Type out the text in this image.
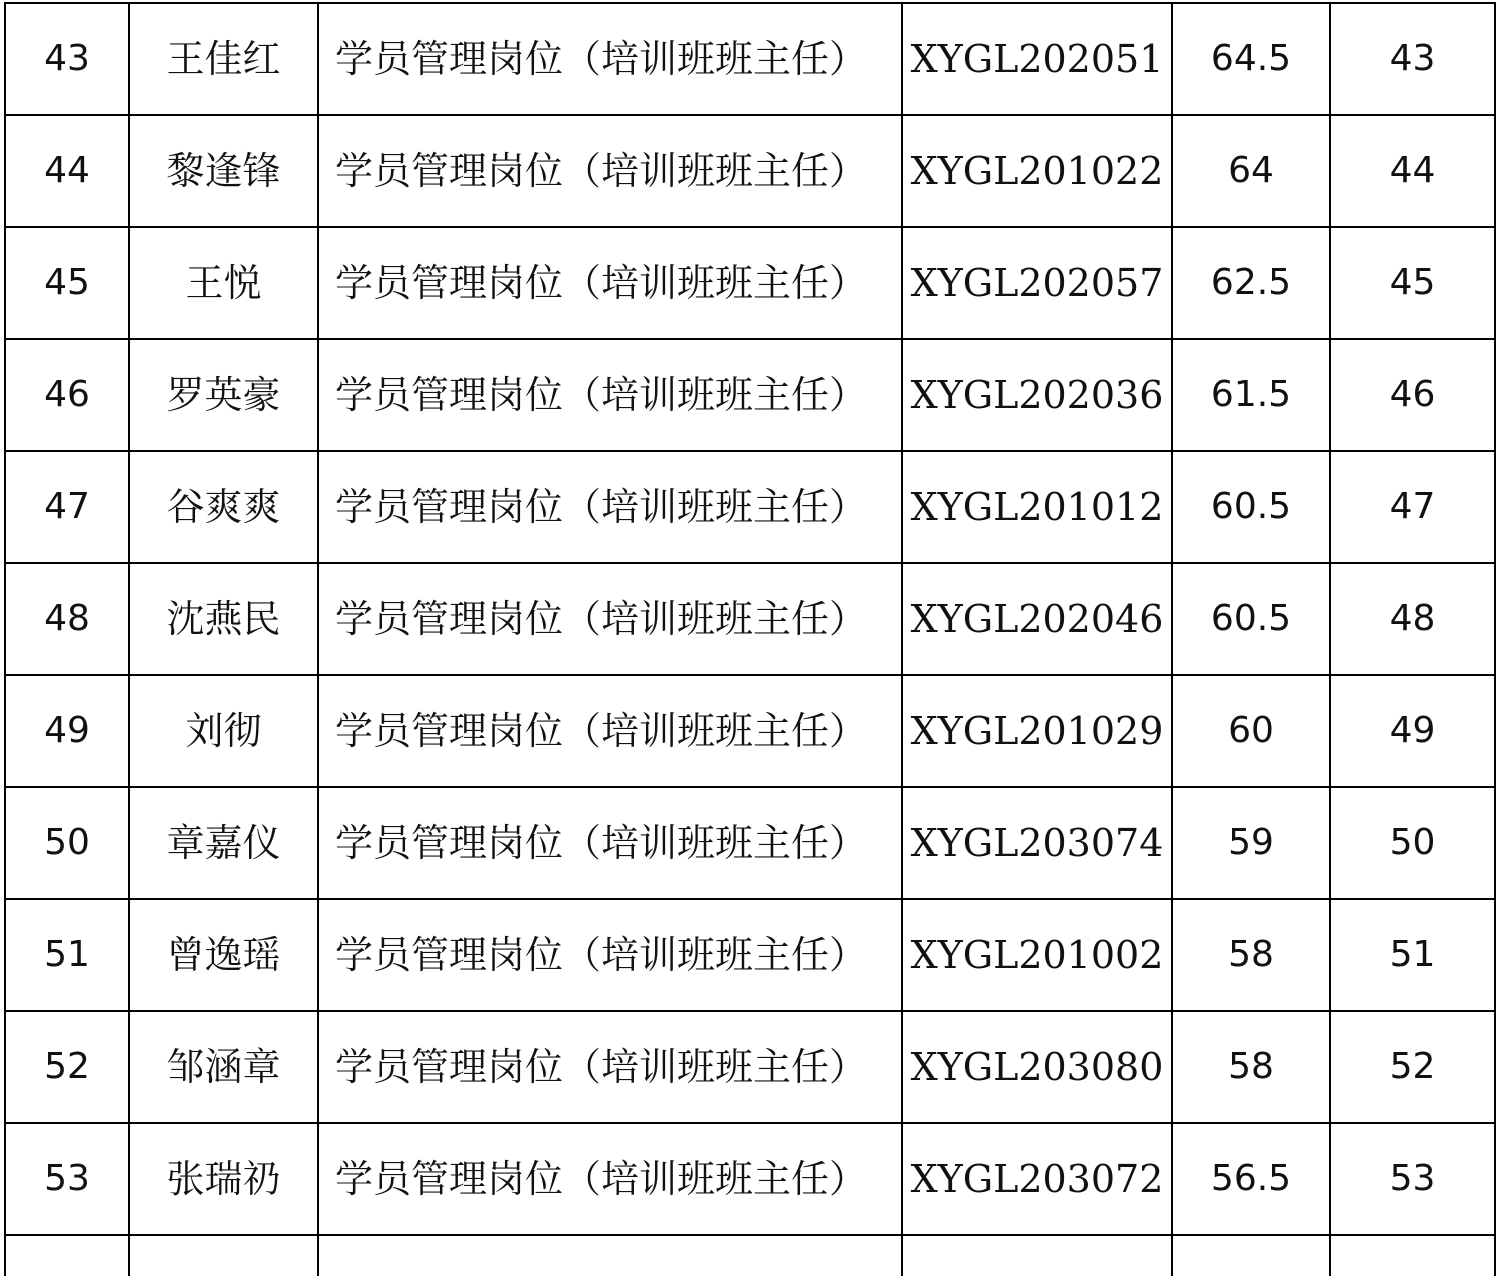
43	王佳红	学员管理岗位（培训班班主任）	XYGL202051	64.5	43
44	黎逢锋	学员管理岗位（培训班班主任）	XYGL201022	64	44
45	王悦	学员管理岗位（培训班班主任）	XYGL202057	62.5	45
46	罗英豪	学员管理岗位（培训班班主任）	XYGL202036	61.5	46
47	谷爽爽	学员管理岗位（培训班班主任）	XYGL201012	60.5	47
48	沈燕民	学员管理岗位（培训班班主任）	XYGL202046	60.5	48
49	刘彻	学员管理岗位（培训班班主任）	XYGL201029	60	49
50	章嘉仪	学员管理岗位（培训班班主任）	XYGL203074	59	50
51	曾逸瑶	学员管理岗位（培训班班主任）	XYGL201002	58	51
52	邹涵章	学员管理岗位（培训班班主任）	XYGL203080	58	52
53	张瑞礽	学员管理岗位（培训班班主任）	XYGL203072	56.5	53
